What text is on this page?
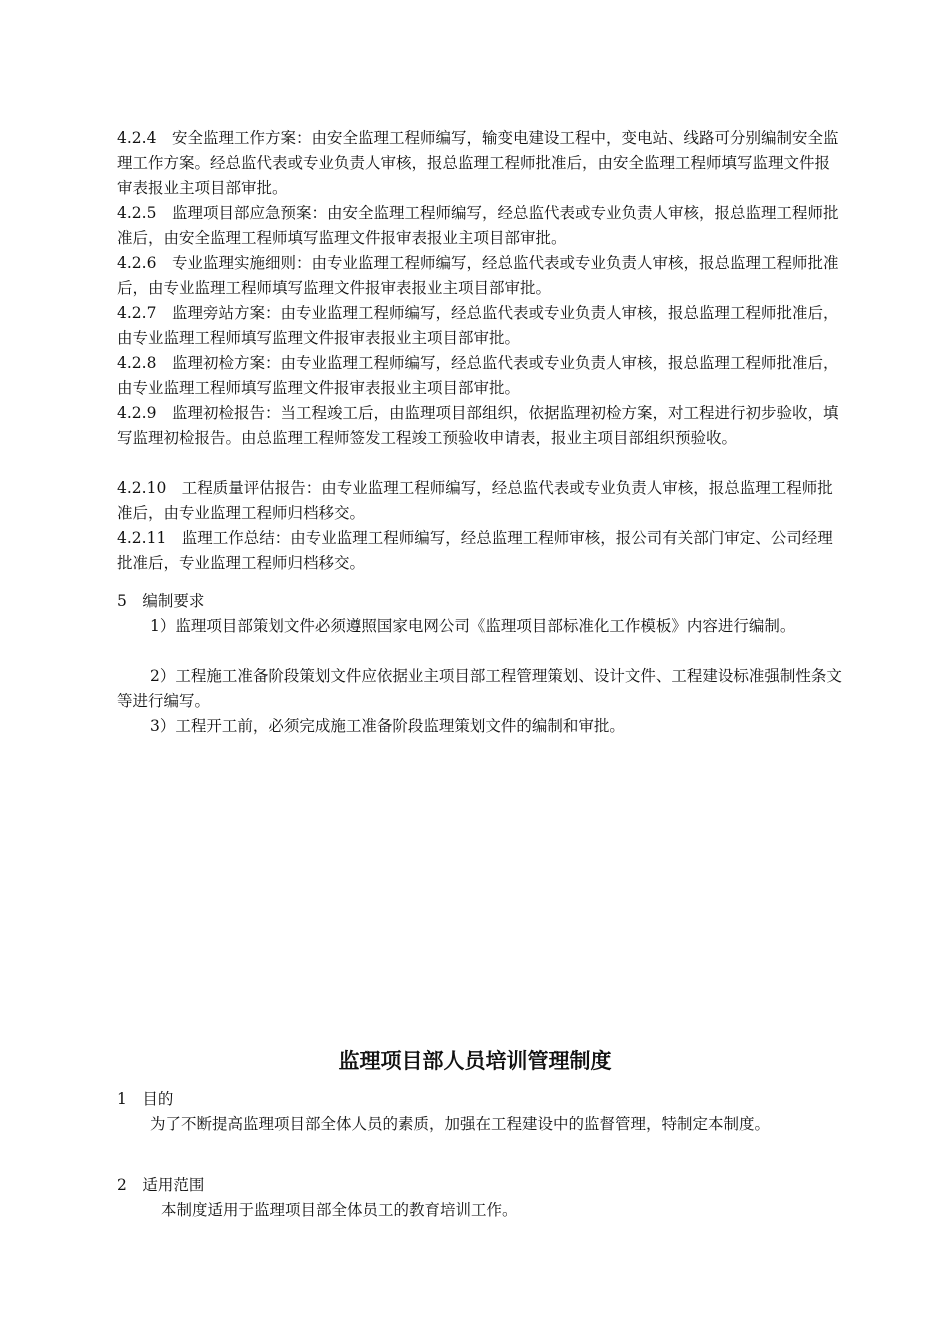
4.2.4　安全监理工作方案：由安全监理工程师编写，输变电建设工程中，变电站、线路可分别编制安全监理工作方案。经总监代表或专业负责人审核，报总监理工程师批准后，由安全监理工程师填写监理文件报审表报业主项目部审批。

4.2.5　监理项目部应急预案：由安全监理工程师编写，经总监代表或专业负责人审核，报总监理工程师批准后，由安全监理工程师填写监理文件报审表报业主项目部审批。

4.2.6　专业监理实施细则：由专业监理工程师编写，经总监代表或专业负责人审核，报总监理工程师批准后，由专业监理工程师填写监理文件报审表报业主项目部审批。

4.2.7　监理旁站方案：由专业监理工程师编写，经总监代表或专业负责人审核，报总监理工程师批准后，由专业监理工程师填写监理文件报审表报业主项目部审批。

4.2.8　监理初检方案：由专业监理工程师编写，经总监代表或专业负责人审核，报总监理工程师批准后，由专业监理工程师填写监理文件报审表报业主项目部审批。

4.2.9　监理初检报告：当工程竣工后，由监理项目部组织，依据监理初检方案，对工程进行初步验收，填写监理初检报告。由总监理工程师签发工程竣工预验收申请表，报业主项目部组织预验收。

4.2.10　工程质量评估报告：由专业监理工程师编写，经总监代表或专业负责人审核，报总监理工程师批准后，由专业监理工程师归档移交。

4.2.11　监理工作总结：由专业监理工程师编写，经总监理工程师审核，报公司有关部门审定、公司经理批准后，专业监理工程师归档移交。

5　编制要求

1）监理项目部策划文件必须遵照国家电网公司《监理项目部标准化工作模板》内容进行编制。

2）工程施工准备阶段策划文件应依据业主项目部工程管理策划、设计文件、工程建设标准强制性条文等进行编写。

3）工程开工前，必须完成施工准备阶段监理策划文件的编制和审批。

监理项目部人员培训管理制度

1　目的

为了不断提高监理项目部全体人员的素质，加强在工程建设中的监督管理，特制定本制度。

2　适用范围

本制度适用于监理项目部全体员工的教育培训工作。
